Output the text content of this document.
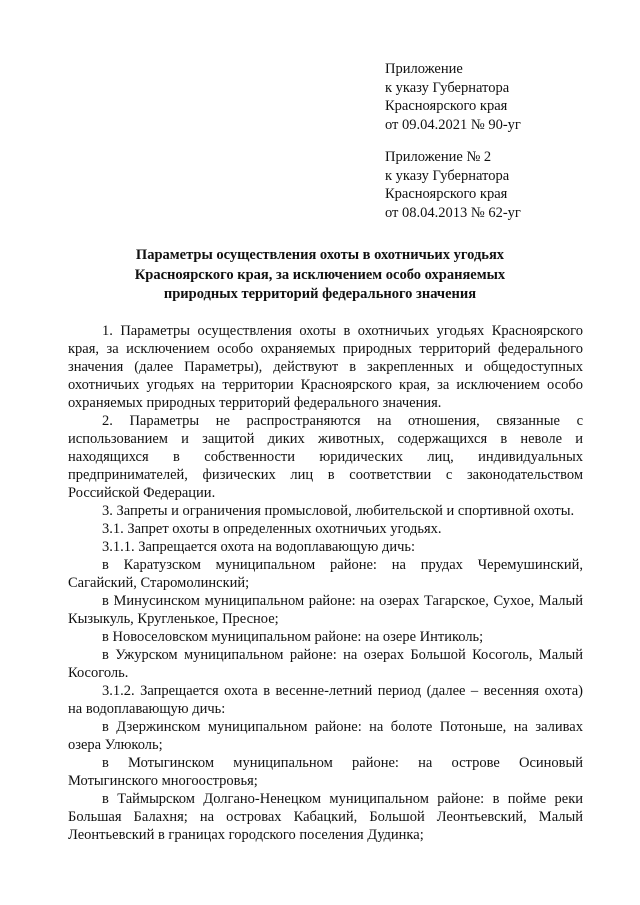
Приложение
к указу Губернатора
Красноярского края
от 09.04.2021 № 90-уг
Приложение № 2
к указу Губернатора
Красноярского края
от 08.04.2013 № 62-уг
Параметры осуществления охоты в охотничьих угодьях
Красноярского края, за исключением особо охраняемых
природных территорий федерального значения

1. Параметры осуществления охоты в охотничьих угодьях Красноярского края, за исключением особо охраняемых природных территорий федерального значения (далее Параметры), действуют в закрепленных и общедоступных охотничьих угодьях на территории Красноярского края, за исключением особо охраняемых природных территорий федерального значения.

2. Параметры не распространяются на отношения, связанные с использованием и защитой диких животных, содержащихся в неволе и находящихся в собственности юридических лиц, индивидуальных предпринимателей, физических лиц в соответствии с законодательством Российской Федерации.

3. Запреты и ограничения промысловой, любительской и спортивной охоты.

3.1. Запрет охоты в определенных охотничьих угодьях.

3.1.1. Запрещается охота на водоплавающую дичь:

в Каратузском муниципальном районе: на прудах Черемушинский, Сагайский, Старомолинский;

в Минусинском муниципальном районе: на озерах Тагарское, Сухое, Малый Кызыкуль, Кругленькое, Пресное;

в Новоселовском муниципальном районе: на озере Интиколь;

в Ужурском муниципальном районе: на озерах Большой Косоголь, Малый Косоголь.

3.1.2. Запрещается охота в весенне-летний период (далее – весенняя охота) на водоплавающую дичь:

в Дзержинском муниципальном районе: на болоте Потоньше, на заливах озера Улюколь;

в Мотыгинском муниципальном районе: на острове Осиновый Мотыгинского многоостровья;

в Таймырском Долгано-Ненецком муниципальном районе: в пойме реки Большая Балахня; на островах Кабацкий, Большой Леонтьевский, Малый Леонтьевский в границах городского поселения Дудинка;
